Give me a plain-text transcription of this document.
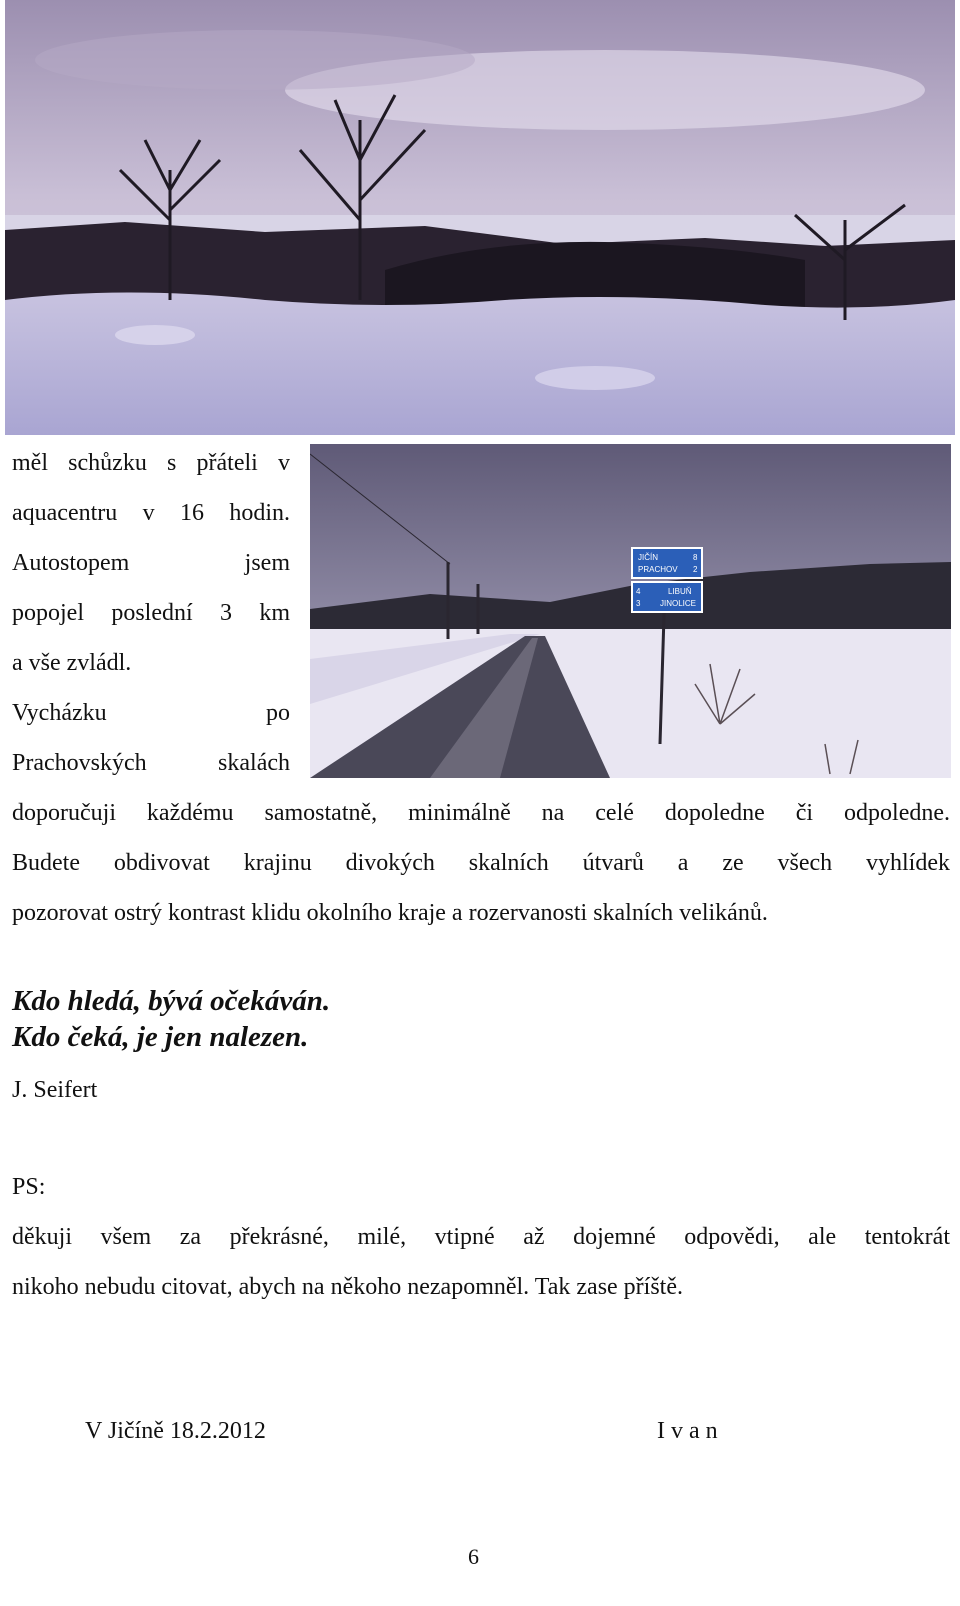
JIČÍN	8
PRACHOV 2
4	LIBUŇ
3 JINOLICE
měl schůzku s přáteli v
aquacentru v 16 hodin.
Autostopem jsem
popojel poslední 3 km
a vše zvládl.
Vycházku po
Prachovských skalách
doporučuji každému samostatně, minimálně na celé dopoledne či odpoledne.
Budete obdivovat krajinu divokých skalních útvarů a ze všech vyhlídek
pozorovat ostrý kontrast klidu okolního kraje a rozervanosti skalních velikánů.
Kdo hledá, bývá očekáván.
Kdo čeká, je jen nalezen.
J. Seifert
PS:
děkuji všem za překrásné, milé, vtipné až dojemné odpovědi, ale tentokrát
nikoho nebudu citovat, abych na někoho nezapomněl. Tak zase příště.
V Jičíně 18.2.2012	I v a n
6
